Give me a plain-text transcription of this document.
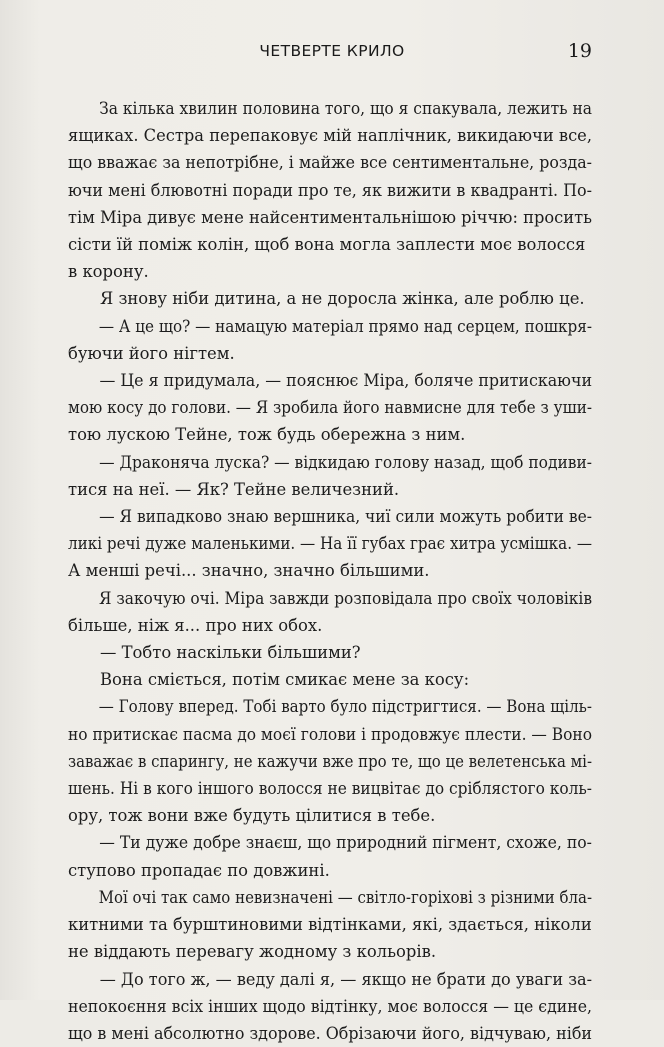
ЧЕТВЕРТЕ КРИЛО	19

За кілька хвилин половина того, що я спакувала, лежить на

ящиках. Сестра перепаковує мій наплічник, викидаючи все,

що вважає за непотрібне, і майже все сентиментальне, розда-

ючи мені блювотні поради про те, як вижити в квадранті. По-

тім Міра дивує мене найсентиментальнішою річчю: просить

сісти їй поміж колін, щоб вона могла заплести моє волосся

в корону.

Я знову ніби дитина, а не доросла жінка, але роблю це.

— А це що? — намацую матеріал прямо над серцем, пошкря-

буючи його нігтем.

— Це я придумала, — пояснює Міра, боляче притискаючи

мою косу до голови. — Я зробила його навмисне для тебе з уши-

тою лускою Тейне, тож будь обережна з ним.

— Драконяча луска? — відкидаю голову назад, щоб подиви-

тися на неї. — Як? Тейне величезний.

— Я випадково знаю вершника, чиї сили можуть робити ве-

ликі речі дуже маленькими. — На її губах грає хитра усмішка. —

А менші речі... значно, значно більшими.

Я закочую очі. Міра завжди розповідала про своїх чоловіків

більше, ніж я... про них обох.

— Тобто наскільки більшими?

Вона сміється, потім смикає мене за косу:

— Голову вперед. Тобі варто було підстригтися. — Вона щіль-

но притискає пасма до моєї голови і продовжує плести. — Воно

заважає в спарингу, не кажучи вже про те, що це велетенська мі-

шень. Ні в кого іншого волосся не вицвітає до сріблястого коль-

ору, тож вони вже будуть цілитися в тебе.

— Ти дуже добре знаєш, що природний пігмент, схоже, по-

ступово пропадає по довжині.

Мої очі так само невизначені — світло-горіхові з різними бла-

китними та бурштиновими відтінками, які, здається, ніколи

не віддають перевагу жодному з кольорів.

— До того ж, — веду далі я, — якщо не брати до уваги за-

непокоєння всіх інших щодо відтінку, моє волосся — це єдине,

що в мені абсолютно здорове. Обрізаючи його, відчуваю, ніби
